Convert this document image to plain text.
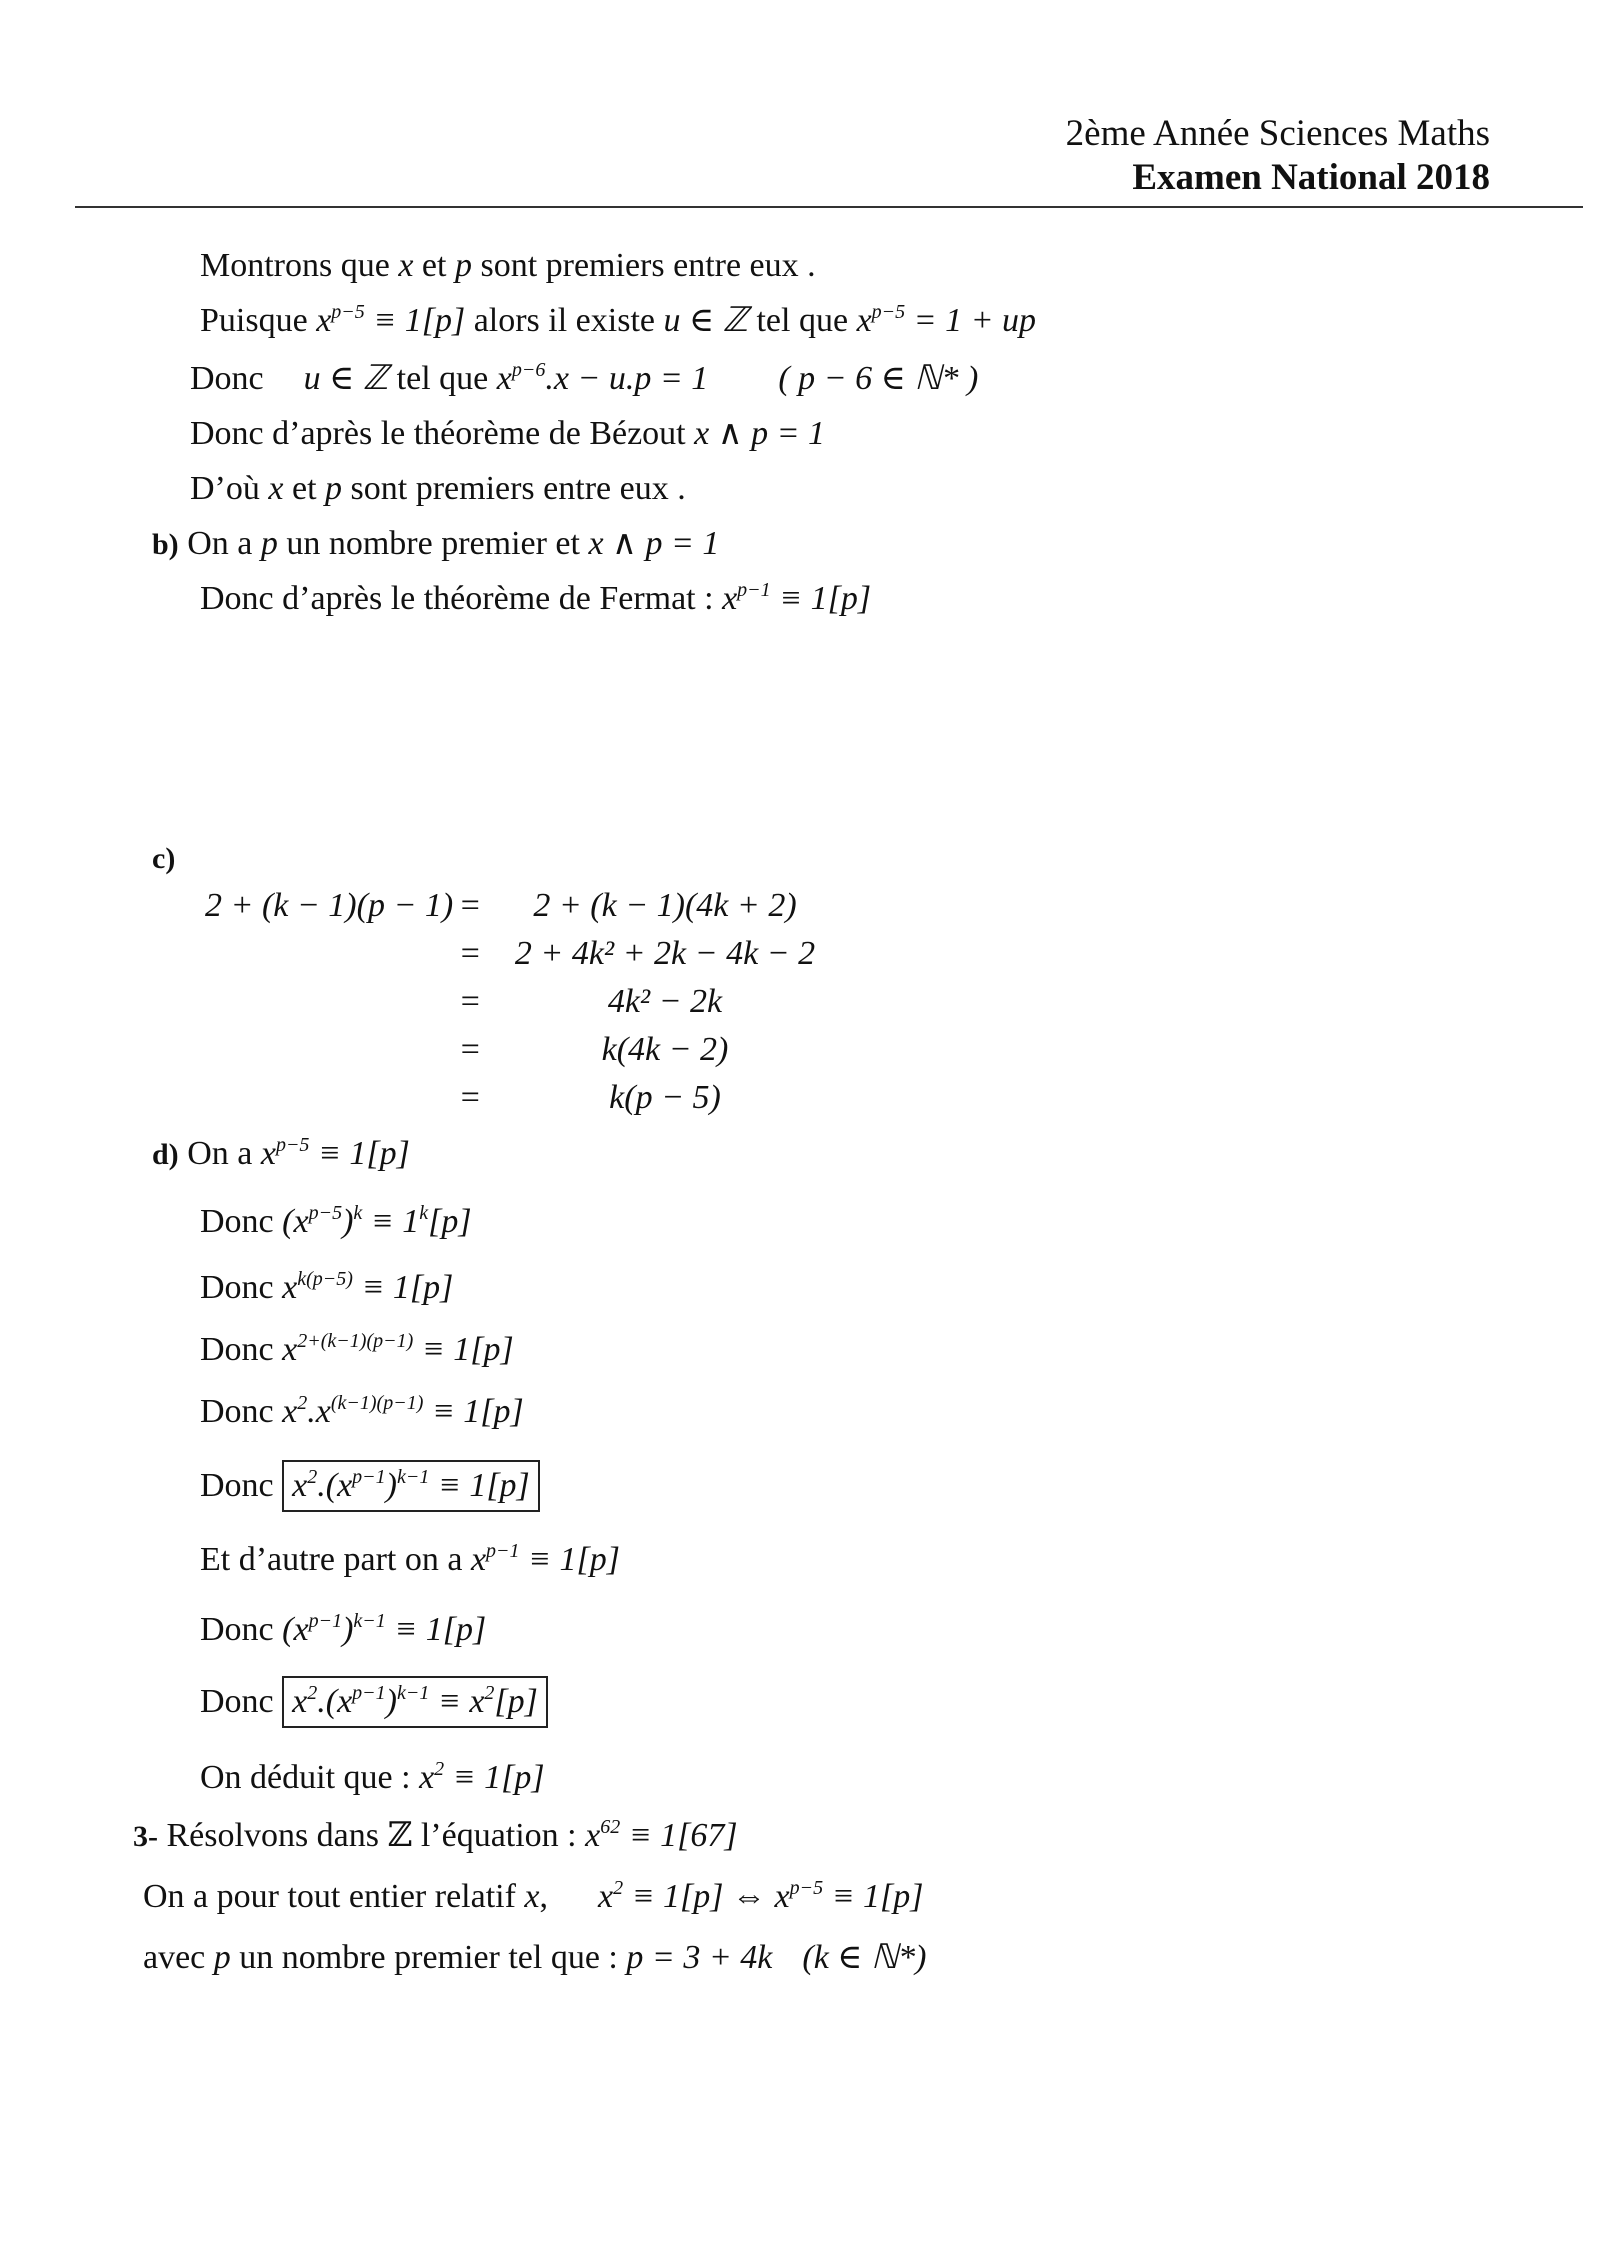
2ème Année Sciences Maths
Examen National 2018
Montrons que x et p sont premiers entre eux .
Puisque $x^{p-5} \equiv 1[p]$ alors il existe u ∈ ℤ tel que $x^{p-5} = 1$ + up
Donc u ∈ ℤ tel que $x^{p-6}.x - u.p = 1$ ( p − 6 ∈ ℕ* )
Donc d’après le théorème de Bézout x ∧ p = 1
D’où x et p sont premiers entre eux .
b) On a p un nombre premier et x ∧ p = 1
Donc d’après le théorème de Fermat : $x^{p-1} \equiv 1[p]$
c)
2 + (k − 1)(p − 1) =	2 + (k − 1)(4k + 2)
= 2 + 4k² + 2k − 4k − 2
=	4k² − 2k
=	k(4k − 2)
=	k(p − 5)
d) On a $x^{p-5} \equiv 1[p]$
Donc $(x^{p-5})^k \equiv 1^k[p]$
Donc $x^{k(p-5)} \equiv 1[p]$
Donc $x^{2+(k-1)(p-1)} \equiv 1[p]$
Donc $x^2.x^{(k-1)(p-1)} \equiv 1[p]$
Donc $x^2.(x^{p-1})^{k-1} \equiv 1[p]$
Et d’autre part on a $x^{p-1} \equiv 1[p]$
Donc $(x^{p-1})^{k-1} \equiv 1[p]$
Donc $x^2.(x^{p-1})^{k-1} \equiv x^2[p]$
On déduit que : $x^2 \equiv 1[p]$
3- Résolvons dans ℤ l’équation : $x^{62} \equiv 1[67]$
On a pour tout entier relatif x, $x^2 \equiv 1[p]$ ⇔ $x^{p-5} \equiv 1[p]$
avec p un nombre premier tel que : p = 3 + 4k (k ∈ ℕ*)
